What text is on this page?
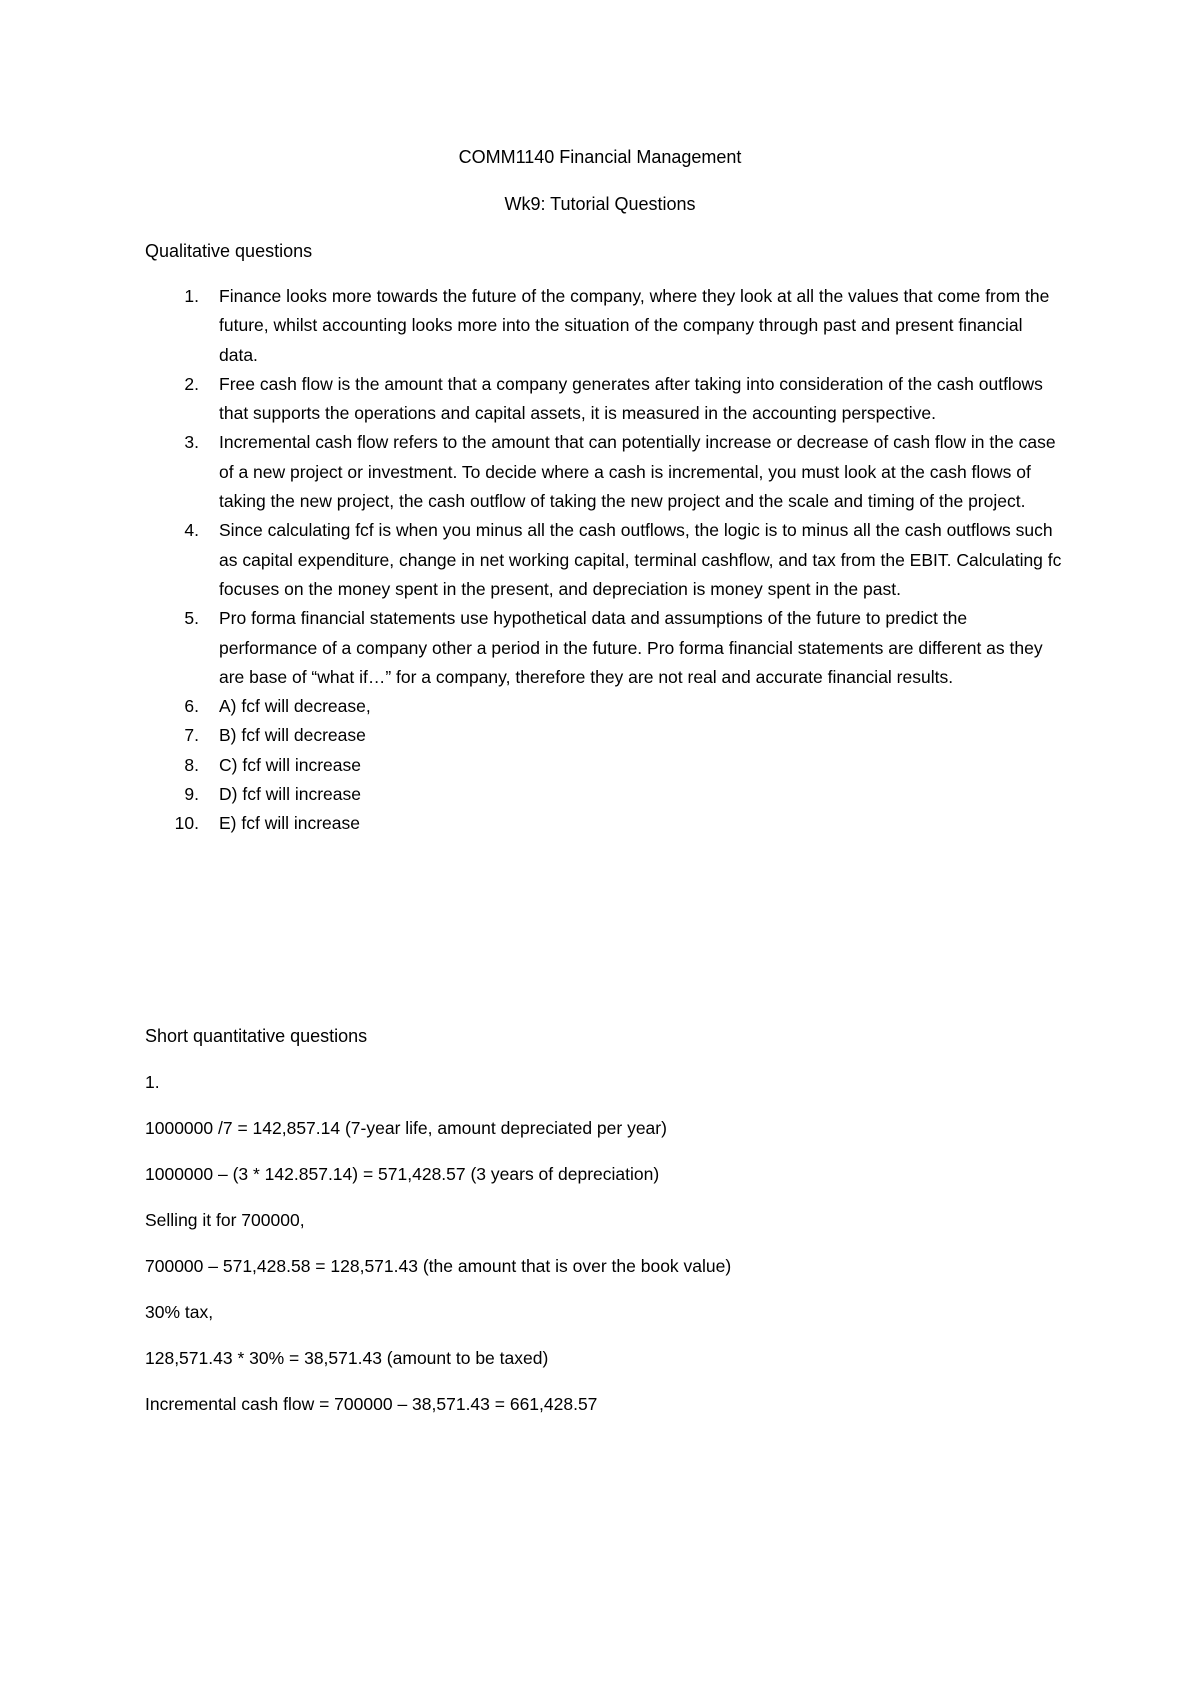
COMM1140 Financial Management
Wk9: Tutorial Questions
Qualitative questions
1. Finance looks more towards the future of the company, where they look at all the values that come from the future, whilst accounting looks more into the situation of the company through past and present financial data.
2. Free cash flow is the amount that a company generates after taking into consideration of the cash outflows that supports the operations and capital assets, it is measured in the accounting perspective.
3. Incremental cash flow refers to the amount that can potentially increase or decrease of cash flow in the case of a new project or investment. To decide where a cash is incremental, you must look at the cash flows of taking the new project, the cash outflow of taking the new project and the scale and timing of the project.
4. Since calculating fcf is when you minus all the cash outflows, the logic is to minus all the cash outflows such as capital expenditure, change in net working capital, terminal cashflow, and tax from the EBIT. Calculating fc focuses on the money spent in the present, and depreciation is money spent in the past.
5. Pro forma financial statements use hypothetical data and assumptions of the future to predict the performance of a company other a period in the future. Pro forma financial statements are different as they are base of “what if…” for a company, therefore they are not real and accurate financial results.
6. A) fcf will decrease,
7. B) fcf will decrease
8. C) fcf will increase
9. D) fcf will increase
10. E) fcf will increase
Short quantitative questions
1.
1000000 /7 = 142,857.14 (7-year life, amount depreciated per year)
1000000 – (3 * 142.857.14) = 571,428.57 (3 years of depreciation)
Selling it for 700000,
700000 – 571,428.58 = 128,571.43 (the amount that is over the book value)
30% tax,
128,571.43 * 30% = 38,571.43 (amount to be taxed)
Incremental cash flow = 700000 – 38,571.43 = 661,428.57
